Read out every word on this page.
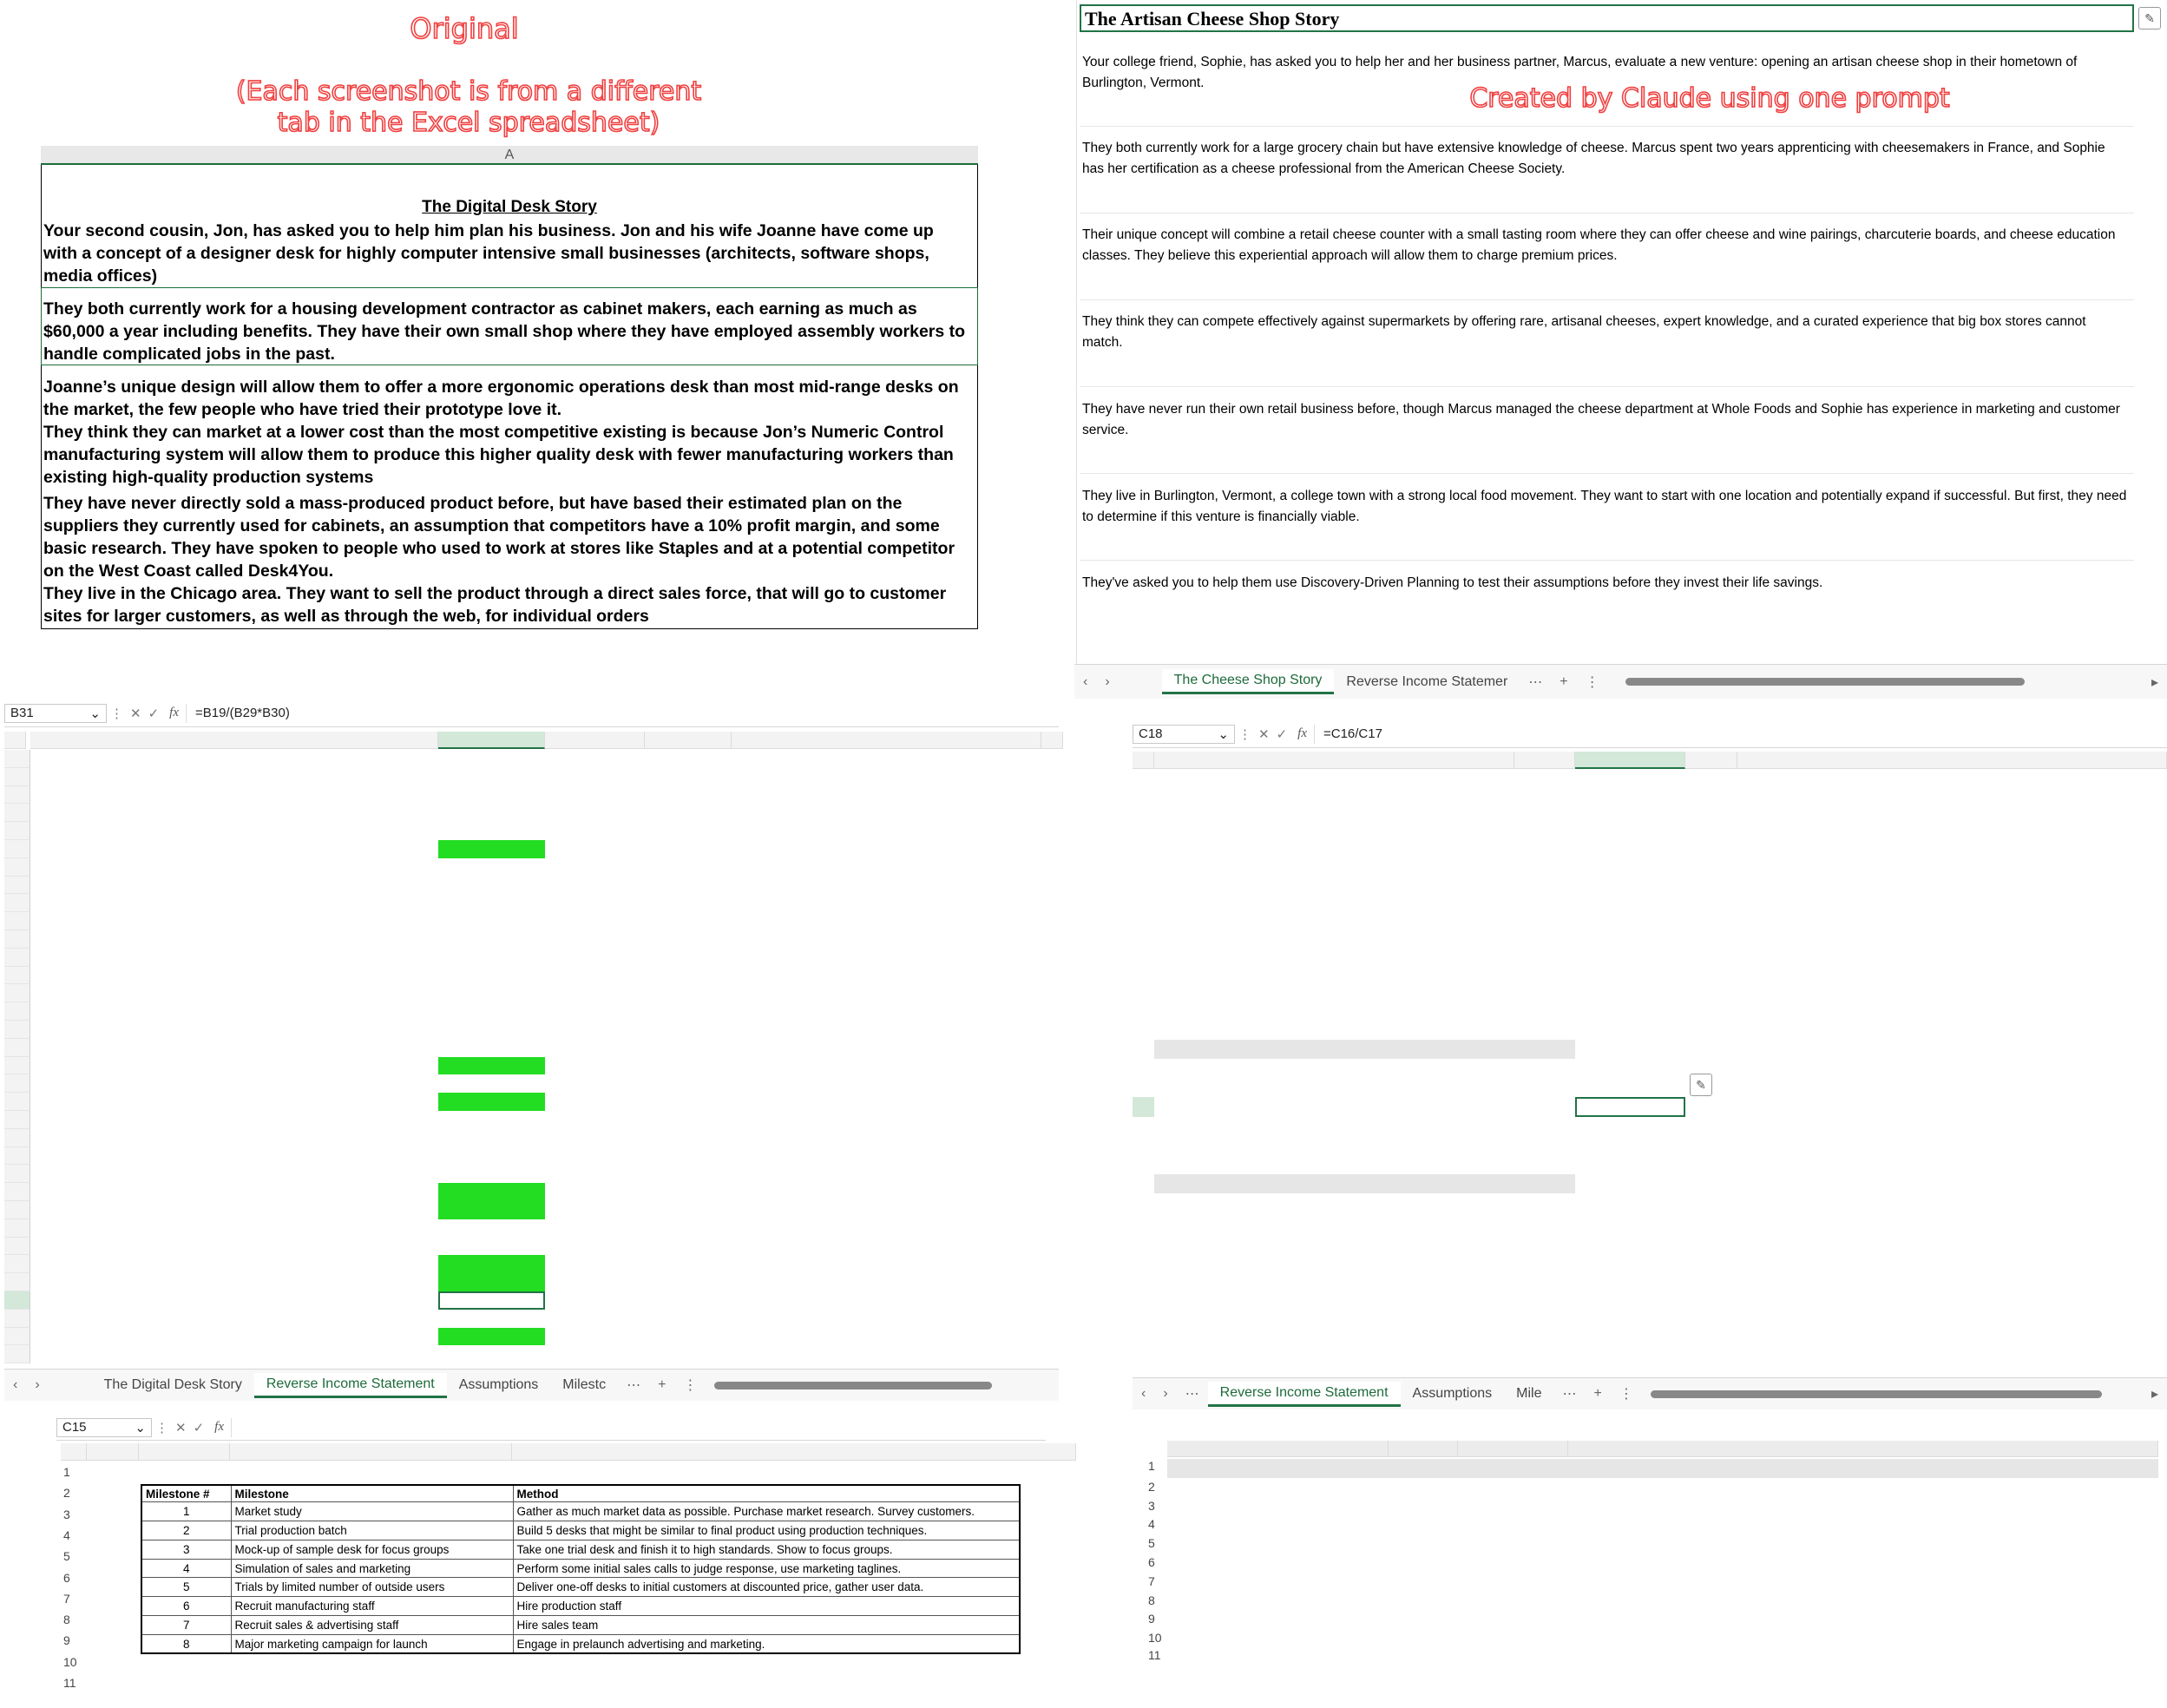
Original
(Each screenshot is from a different
tab in the Excel spreadsheet)
Created by Claude using one prompt
A
The Digital Desk Story
Your second cousin, Jon, has asked you to help him plan his business. Jon and his wife Joanne have come up with a concept of a designer desk for highly computer intensive small businesses (architects, software shops, media offices)
They both currently work for a housing development contractor as cabinet makers, each earning as much as $60,000 a year including benefits. They have their own small shop where they have employed assembly workers to handle complicated jobs in the past.
Joanne’s unique design will allow them to offer a more ergonomic operations desk than most mid-range desks on the market, the few people who have tried their prototype love it.
They think they can market at a lower cost than the most competitive existing is because Jon’s Numeric Control manufacturing system will allow them to produce this higher quality desk with fewer manufacturing workers than existing high-quality production systems
They have never directly sold a mass-produced product before, but have based their estimated plan on the suppliers they currently used for cabinets, an assumption that competitors have a 10% profit margin, and some basic research. They have spoken to people who used to work at stores like Staples and at a potential competitor on the West Coast called Desk4You.
They live in the Chicago area. They want to sell the product through a direct sales force, that will go to customer sites for larger customers, as well as through the web, for individual orders
The Artisan Cheese Shop Story	✎
Your college friend, Sophie, has asked you to help her and her business partner, Marcus, evaluate a new venture: opening an artisan cheese shop in their hometown of Burlington, Vermont.
They both currently work for a large grocery chain but have extensive knowledge of cheese. Marcus spent two years apprenticing with cheesemakers in France, and Sophie has her certification as a cheese professional from the American Cheese Society.
Their unique concept will combine a retail cheese counter with a small tasting room where they can offer cheese and wine pairings, charcuterie boards, and cheese education classes. They believe this experiential approach will allow them to charge premium prices.
They think they can compete effectively against supermarkets by offering rare, artisanal cheeses, expert knowledge, and a curated experience that big box stores cannot match.
They have never run their own retail business before, though Marcus managed the cheese department at Whole Foods and Sophie has experience in marketing and customer service.
They live in Burlington, Vermont, a college town with a strong local food movement. They want to start with one location and potentially expand if successful. But first, they need to determine if this venture is financially viable.
They've asked you to help them use Discovery-Driven Planning to test their assumptions before they invest their life savings.
‹ ›	The Cheese Shop Story	Reverse Income Statemer	⋯ + ⋮	▸
B31	⌄ ⋮ ✕ ✓ fx	=B19/(B29*B30)
‹ ›	The Digital Desk Story	Reverse Income Statement	Assumptions	Milestc	⋯ + ⋮
C18	⌄ ⋮ ✕ ✓ fx	=C16/C17
✎
‹ › ⋯	Reverse Income Statement	Assumptions	Mile	⋯ + ⋮	▸
C15	⌄ ⋮ ✕ ✓ fx
1
2
3
4
5
6
7
8
9
10
11
Milestone #	Milestone	Method
1	Market study	Gather as much market data as possible. Purchase market research. Survey customers.
2	Trial production batch	Build 5 desks that might be similar to final product using production techniques.
3	Mock-up of sample desk for focus groups	Take one trial desk and finish it to high standards. Show to focus groups.
4	Simulation of sales and marketing	Perform some initial sales calls to judge response, use marketing taglines.
5	Trials by limited number of outside users	Deliver one-off desks to initial customers at discounted price, gather user data.
6	Recruit manufacturing staff	Hire production staff
7	Recruit sales & advertising staff	Hire sales team
8	Major marketing campaign for launch	Engage in prelaunch advertising and marketing.
1
2
3
4
5
6
7
8
9
10
11
